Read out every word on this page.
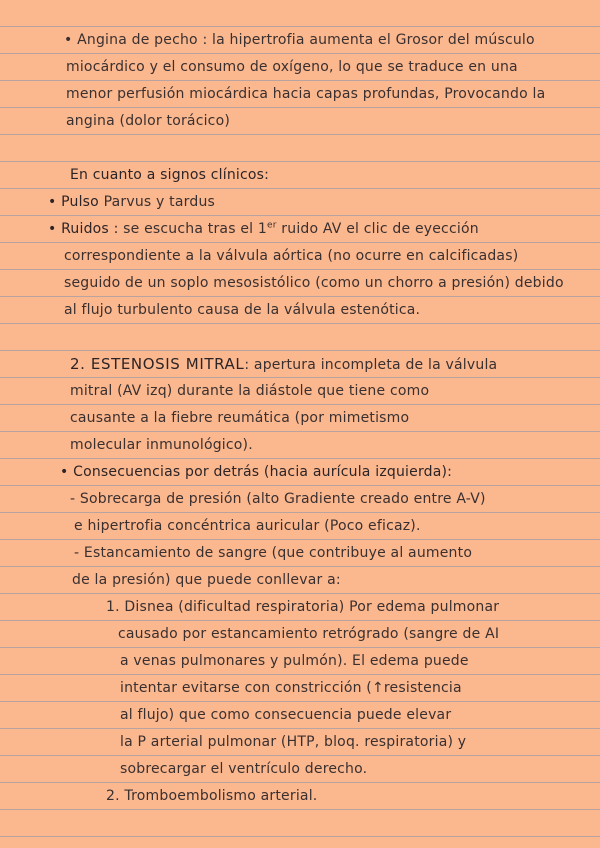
• Angina de pecho : la hipertrofia aumenta el Grosor del músculo
miocárdico y el consumo de oxígeno, lo que se traduce en una
menor perfusión miocárdica hacia capas profundas, Provocando la
angina (dolor torácico)
En cuanto a signos clínicos:
• Pulso Parvus y tardus
• Ruidos : se escucha tras el 1er ruido AV el clic de eyección
correspondiente a la válvula aórtica (no ocurre en calcificadas)
seguido de un soplo mesosistólico (como un chorro a presión) debido
al flujo turbulento causa de la válvula estenótica.
2. ESTENOSIS MITRAL: apertura incompleta de la válvula
mitral (AV izq) durante la diástole que tiene como
causante a la fiebre reumática (por mimetismo
molecular inmunológico).
• Consecuencias por detrás (hacia aurícula izquierda):
- Sobrecarga de presión (alto Gradiente creado entre A-V)
e hipertrofia concéntrica auricular (Poco eficaz).
- Estancamiento de sangre (que contribuye al aumento
de la presión) que puede conllevar a:
1. Disnea (dificultad respiratoria) Por edema pulmonar
causado por estancamiento retrógrado (sangre de AI
a venas pulmonares y pulmón). El edema puede
intentar evitarse con constricción (↑resistencia
al flujo) que como consecuencia puede elevar
la P arterial pulmonar (HTP, bloq. respiratoria) y
sobrecargar el ventrículo derecho.
2. Tromboembolismo arterial.
